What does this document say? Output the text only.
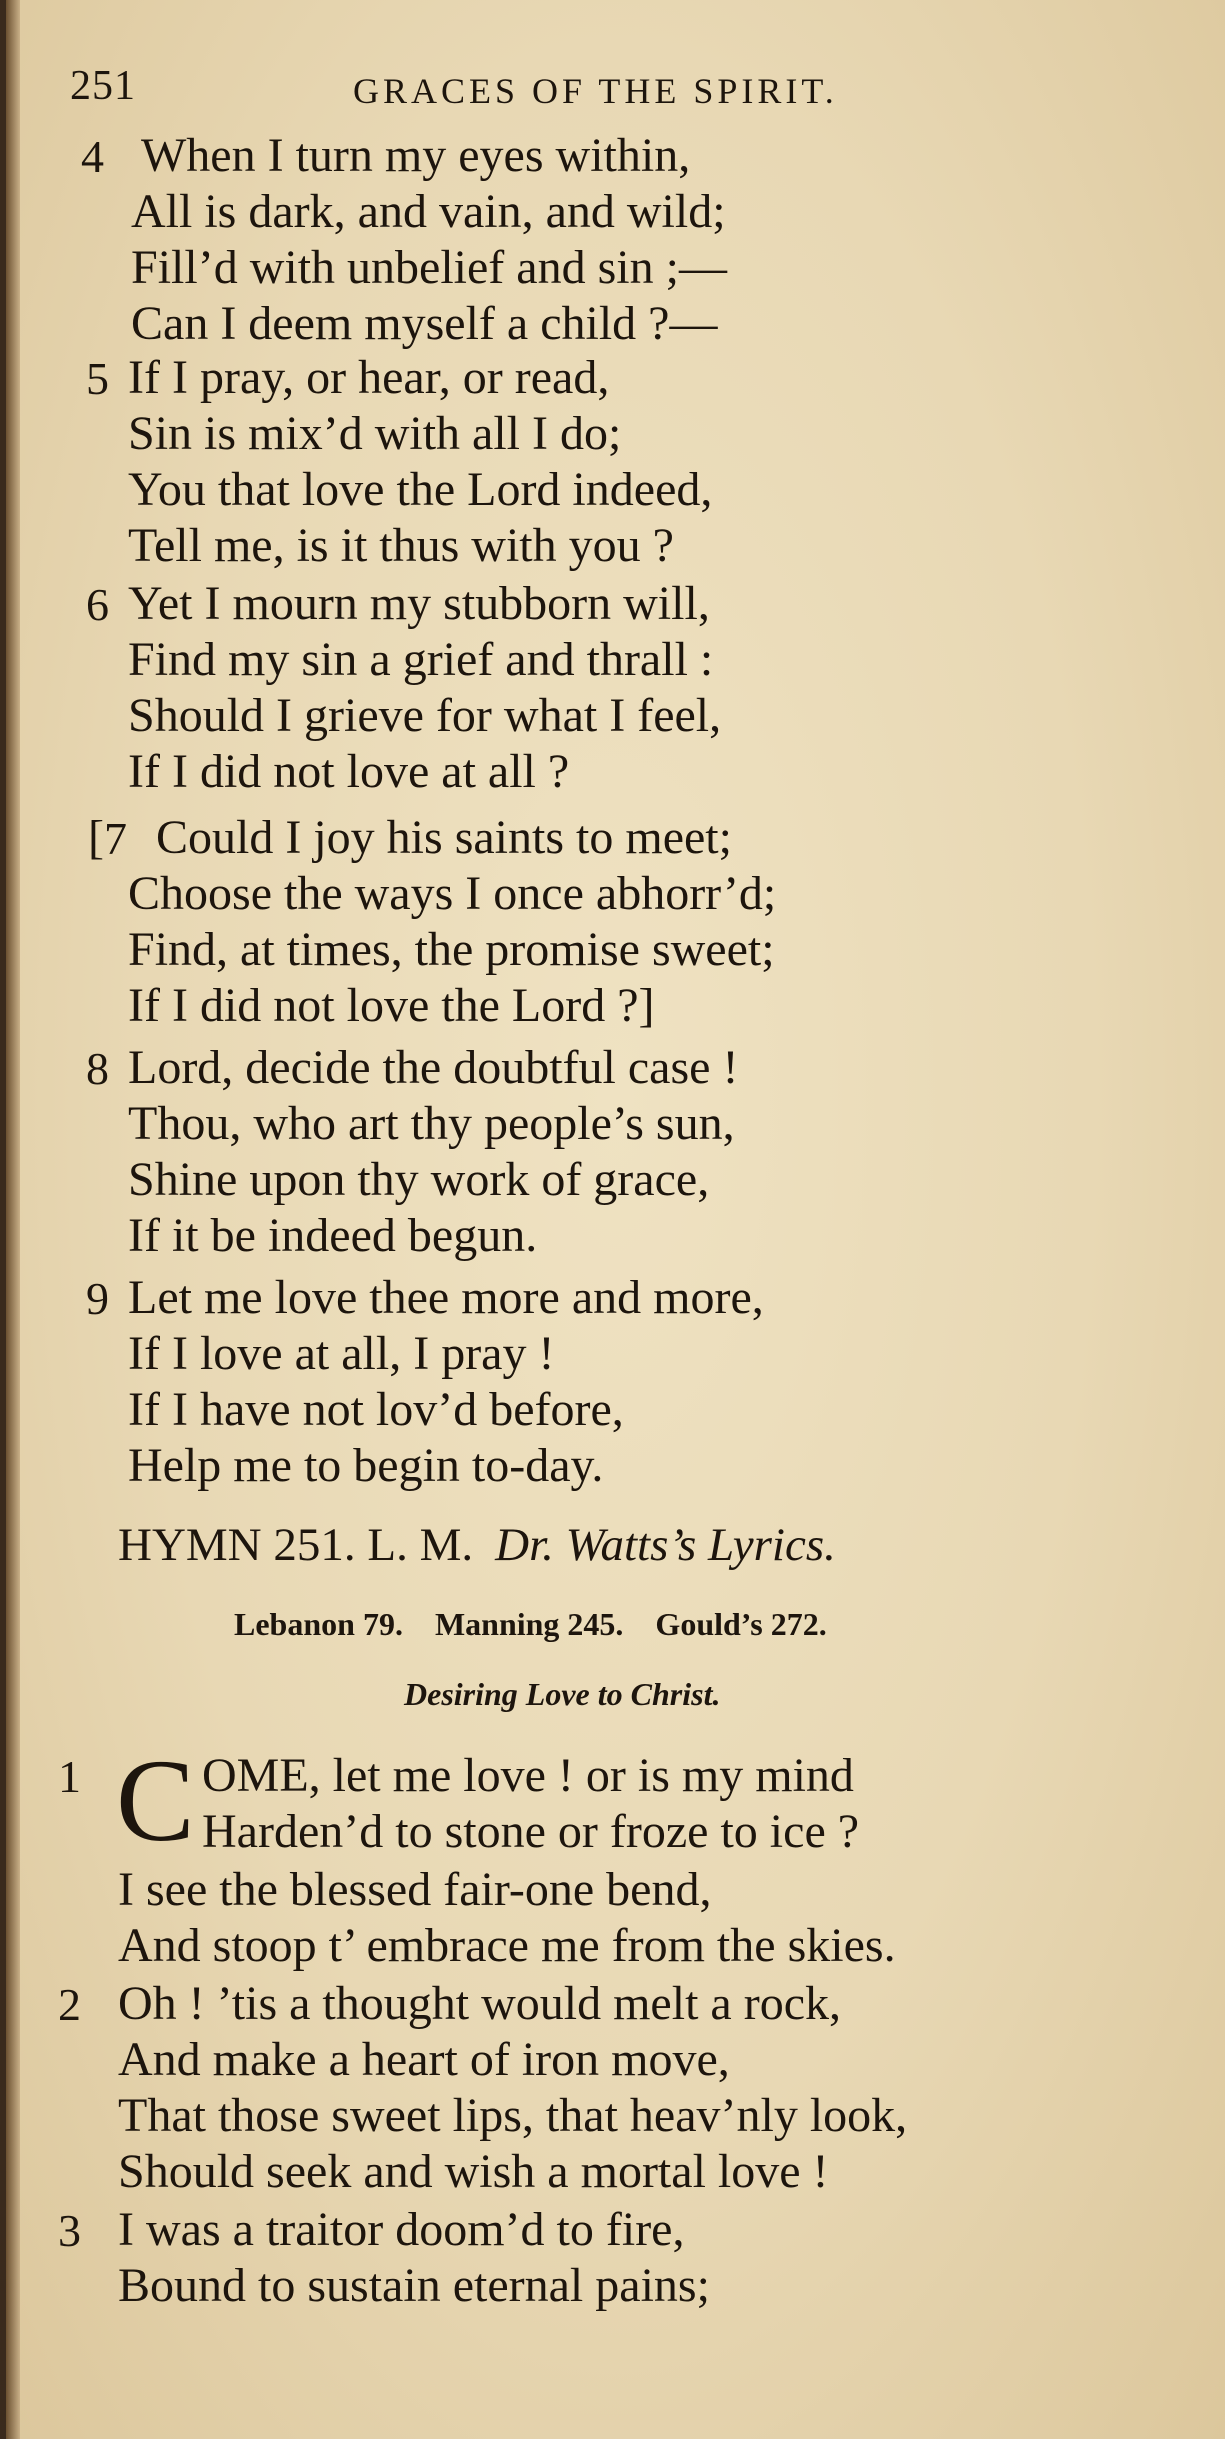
251	GRACES OF THE SPIRIT.
4 When I turn my eyes within,
All is dark, and vain, and wild;
Fill’d with unbelief and sin ;—
Can I deem myself a child ?—
5 If I pray, or hear, or read,
Sin is mix’d with all I do;
You that love the Lord indeed,
Tell me, is it thus with you ?
6 Yet I mourn my stubborn will,
Find my sin a grief and thrall :
Should I grieve for what I feel,
If I did not love at all ?
[ 7 Could I joy his saints to meet;
Choose the ways I once abhorr’d;
Find, at times, the promise sweet;
If I did not love the Lord ?]
8 Lord, decide the doubtful case !
Thou, who art thy people’s sun,
Shine upon thy work of grace,
If it be indeed begun.
9 Let me love thee more and more,
If I love at all, I pray !
If I have not lov’d before,
Help me to begin to-day.
HYMN 251. L. M. Dr. Watts’s Lyrics.
Lebanon 79. Manning 245. Gould’s 272.
Desiring Love to Christ.
1 C OME, let me love ! or is my mind
Harden’d to stone or froze to ice ?
I see the blessed fair-one bend,
And stoop t’ embrace me from the skies.
2 Oh ! ’tis a thought would melt a rock,
And make a heart of iron move,
That those sweet lips, that heav’nly look,
Should seek and wish a mortal love !
3 I was a traitor doom’d to fire,
Bound to sustain eternal pains;
